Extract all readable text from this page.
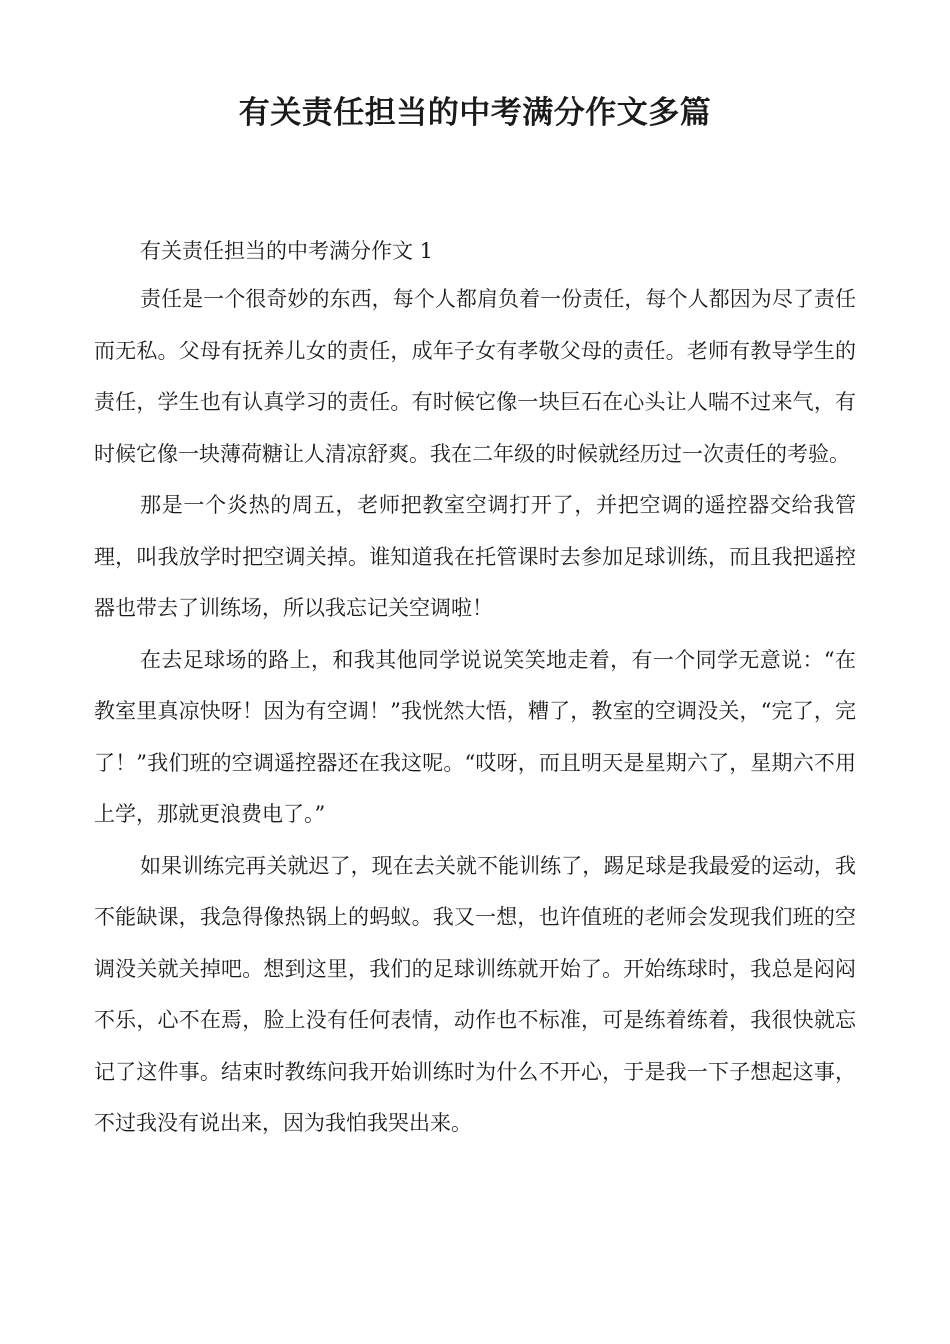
有关责任担当的中考满分作文多篇

有关责任担当的中考满分作文 1

责任是一个很奇妙的东西，每个人都肩负着一份责任，每个人都因为尽了责任而无私。父母有抚养儿女的责任，成年子女有孝敬父母的责任。老师有教导学生的责任，学生也有认真学习的责任。有时候它像一块巨石在心头让人喘不过来气，有时候它像一块薄荷糖让人清凉舒爽。我在二年级的时候就经历过一次责任的考验。

那是一个炎热的周五，老师把教室空调打开了，并把空调的遥控器交给我管理，叫我放学时把空调关掉。谁知道我在托管课时去参加足球训练，而且我把遥控器也带去了训练场，所以我忘记关空调啦！

在去足球场的路上，和我其他同学说说笑笑地走着，有一个同学无意说：“在教室里真凉快呀！因为有空调！”我恍然大悟，糟了，教室的空调没关，“完了，完了！”我们班的空调遥控器还在我这呢。“哎呀，而且明天是星期六了，星期六不用上学，那就更浪费电了。”

如果训练完再关就迟了，现在去关就不能训练了，踢足球是我最爱的运动，我不能缺课，我急得像热锅上的蚂蚁。我又一想，也许值班的老师会发现我们班的空调没关就关掉吧。想到这里，我们的足球训练就开始了。开始练球时，我总是闷闷不乐，心不在焉，脸上没有任何表情，动作也不标准，可是练着练着，我很快就忘记了这件事。结束时教练问我开始训练时为什么不开心，于是我一下子想起这事，不过我没有说出来，因为我怕我哭出来。
